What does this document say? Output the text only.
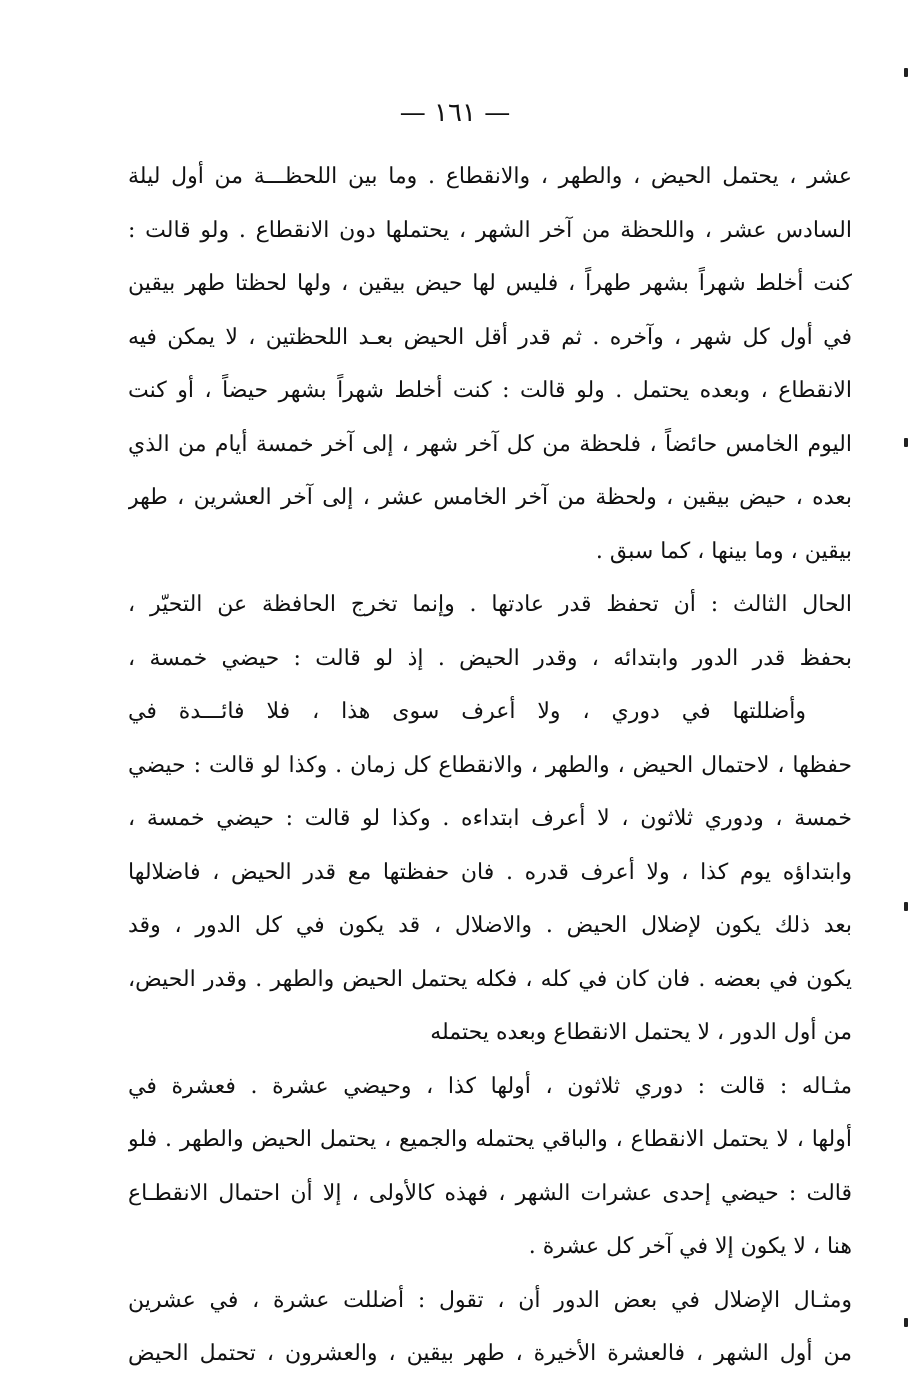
— ١٦١ —
عشر ، يحتمل الحيض ، والطهر ، والانقطاع . وما بين اللحظـــة من أول ليلة
السادس عشر ، واللحظة من آخر الشهر ، يحتملها دون الانقطاع . ولو قالت :
كنت أخلط شهراً بشهر طهراً ، فليس لها حيض بيقين ، ولها لحظتا طهر بيقين
في أول كل شهر ، وآخره . ثم قدر أقل الحيض بعـد اللحظتين ، لا يمكن فيه
الانقطاع ، وبعده يحتمل . ولو قالت : كنت أخلط شهراً بشهر حيضاً ، أو كنت
اليوم الخامس حائضاً ، فلحظة من كل آخر شهر ، إلى آخر خمسة أيام من الذي
بعده ، حيض بيقين ، ولحظة من آخر الخامس عشر ، إلى آخر العشرين ، طهر
بيقين ، وما بينها ، كما سبق .
الحال الثالث : أن تحفظ قدر عادتها . وإنما تخرج الحافظة عن التحيّر ،
بحفظ قدر الدور وابتدائه ، وقدر الحيض . إذ لو قالت : حيضي خمسة ،
وأضللتها في دوري ، ولا أعرف سوى هذا ، فلا فائـــدة في
حفظها ، لاحتمال الحيض ، والطهر ، والانقطاع كل زمان . وكذا لو قالت : حيضي
خمسة ، ودوري ثلاثون ، لا أعرف ابتداءه . وكذا لو قالت : حيضي خمسة ،
وابتداؤه يوم كذا ، ولا أعرف قدره . فان حفظتها مع قدر الحيض ، فاضلالها
بعد ذلك يكون لإضلال الحيض . والاضلال ، قد يكون في كل الدور ، وقد
يكون في بعضه . فان كان في كله ، فكله يحتمل الحيض والطهر . وقدر الحيض،
من أول الدور ، لا يحتمل الانقطاع وبعده يحتمله
مثـاله : قالت : دوري ثلاثون ، أولها كذا ، وحيضي عشرة . فعشرة في
أولها ، لا يحتمل الانقطاع ، والباقي يحتمله والجميع ، يحتمل الحيض والطهر . فلو
قالت : حيضي إحدى عشرات الشهر ، فهذه كالأولى ، إلا أن احتمال الانقطـاع
هنا ، لا يكون إلا في آخر كل عشرة .
ومثـال الإضلال في بعض الدور أن ، تقول : أضللت عشرة ، في عشرين
من أول الشهر ، فالعشرة الأخيرة ، طهر بيقين ، والعشرون ، تحتمل الحيض
